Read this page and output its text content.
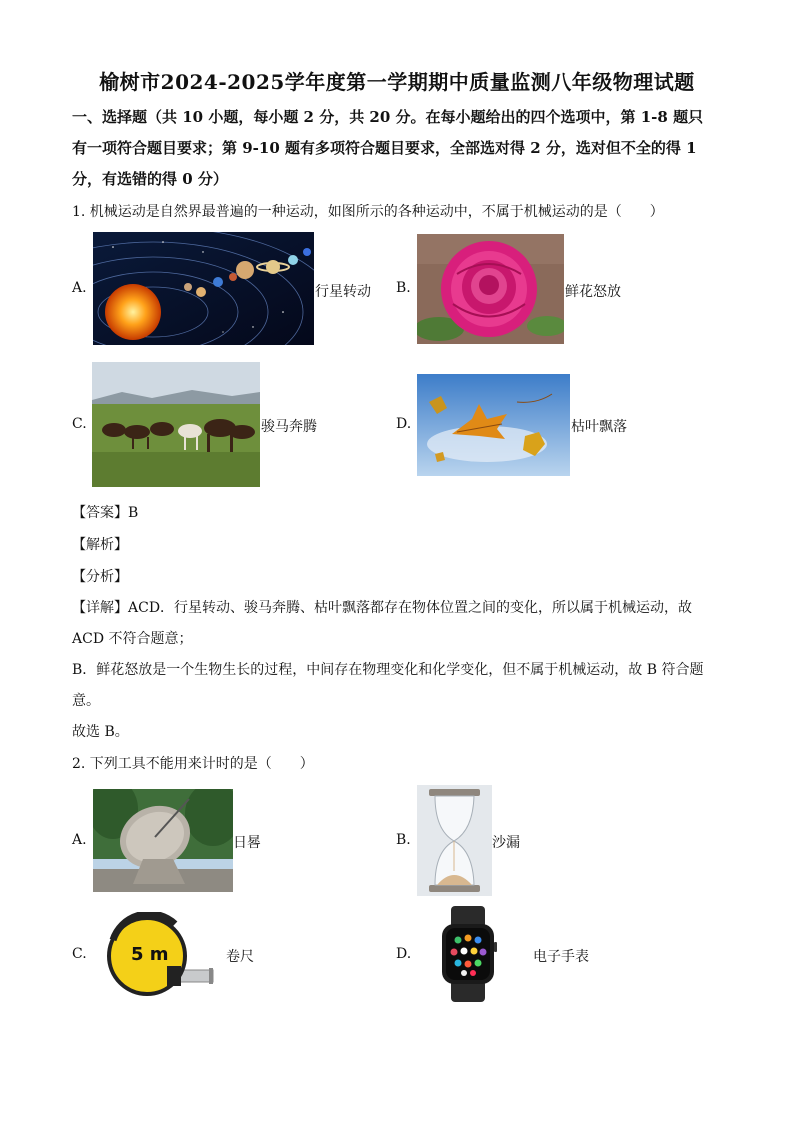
榆树市2024-2025学年度第一学期期中质量监测八年级物理试题
一、选择题（共 10 小题，每小题 2 分，共 20 分。在每小题给出的四个选项中，第 1-8 题只
有一项符合题目要求；第 9-10 题有多项符合题目要求，全部选对得 2 分，选对但不全的得 1
分，有选错的得 0 分）
1. 机械运动是自然界最普遍的一种运动，如图所示的各种运动中，不属于机械运动的是（　　）
A.	行星转动 B.	鲜花怒放
C.	骏马奔腾	D.	枯叶飘落
【答案】B
【解析】
【分析】
【详解】ACD．行星转动、骏马奔腾、枯叶飘落都存在物体位置之间的变化，所以属于机械运动，故
ACD 不符合题意；
B．鲜花怒放是一个生物生长的过程，中间存在物理变化和化学变化，但不属于机械运动，故 B 符合题
意。
故选 B。
2. 下列工具不能用来计时的是（　　）
A.	日晷	B.	沙漏
C. 5 m	卷尺	D.	电子手表
